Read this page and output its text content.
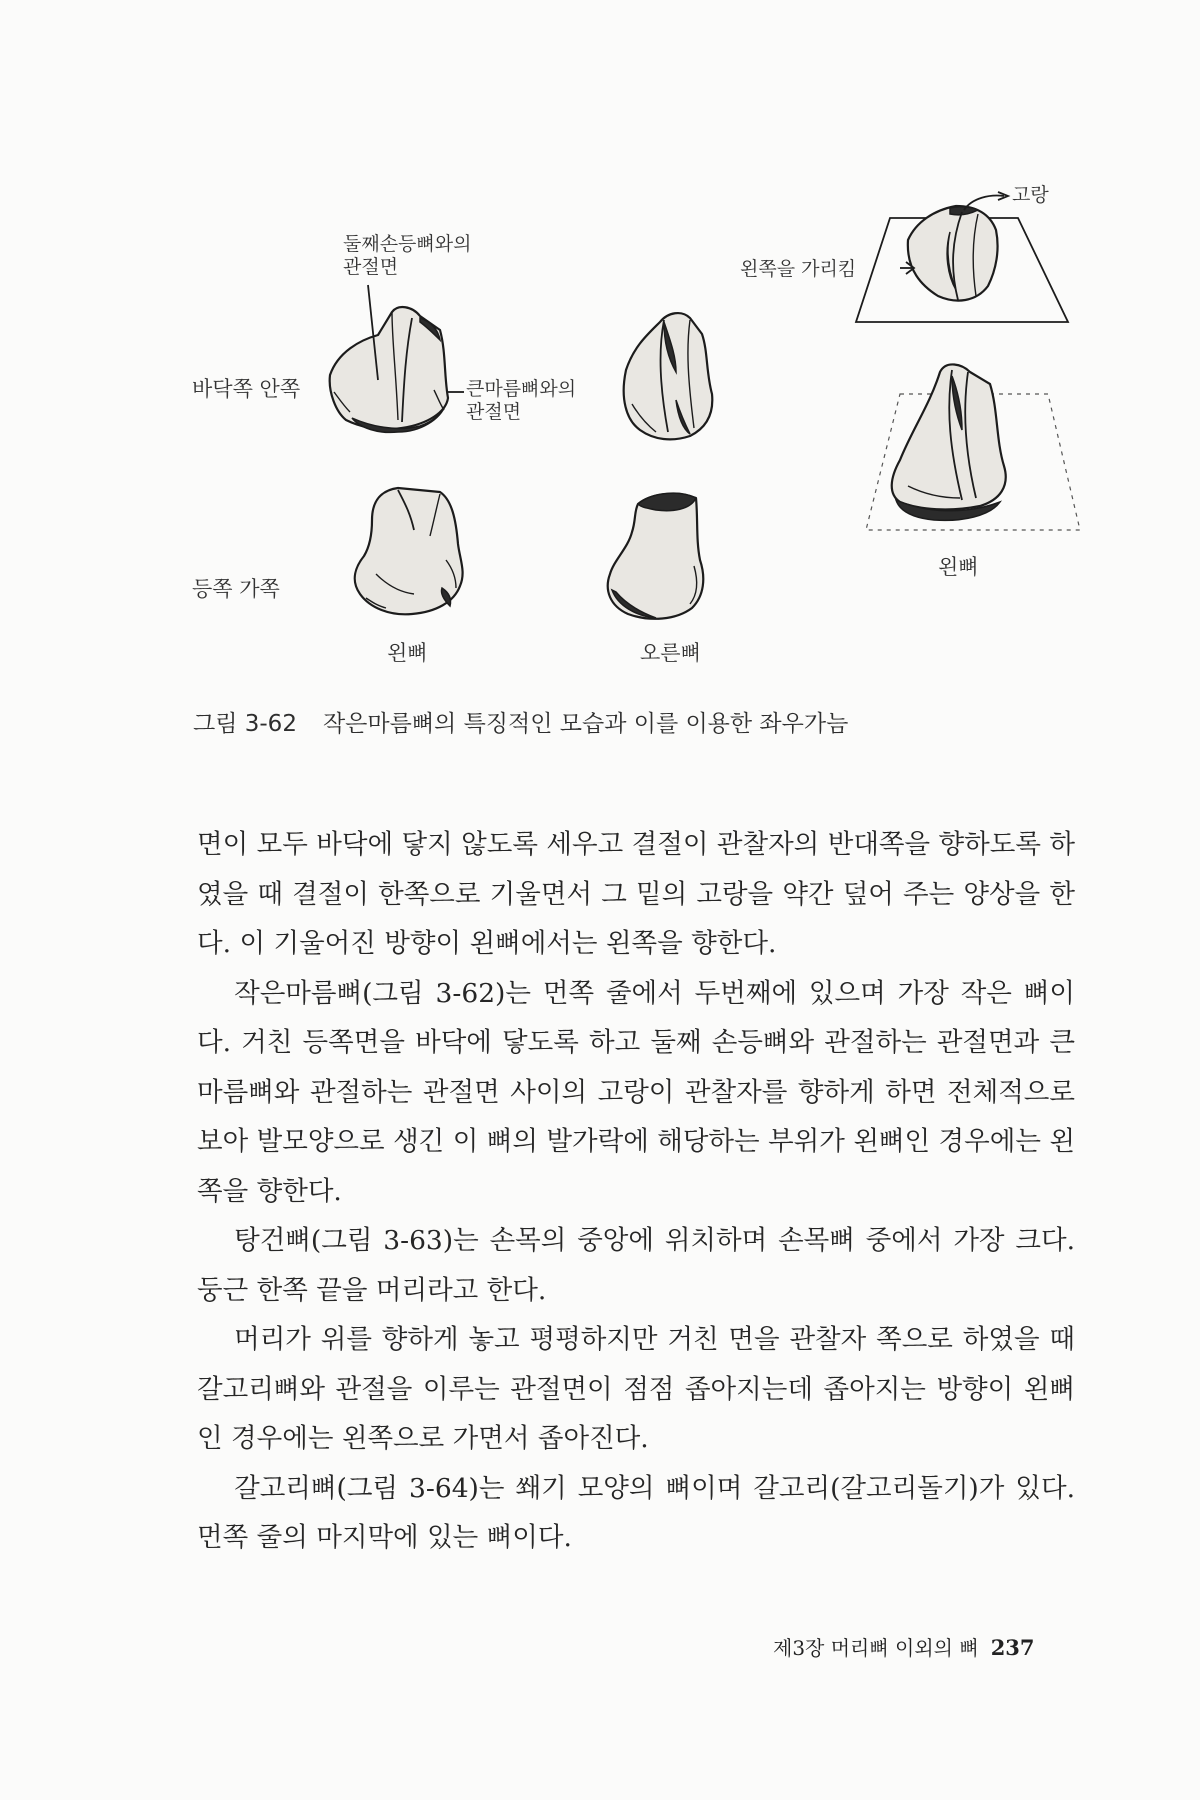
둘째손등뼈와의
관절면
바닥쪽 안쪽	큰마름뼈와의
관절면
등쪽 가쪽
왼뼈	오른뼈
고랑
왼쪽을 가리킴
왼뼈
그림 3-62 작은마름뼈의 특징적인 모습과 이를 이용한 좌우가늠

면이 모두 바닥에 닿지 않도록 세우고 결절이 관찰자의 반대쪽을 향하도록 하였을 때 결절이 한쪽으로 기울면서 그 밑의 고랑을 약간 덮어 주는 양상을 한다. 이 기울어진 방향이 왼뼈에서는 왼쪽을 향한다.

작은마름뼈(그림 3-62)는 먼쪽 줄에서 두번째에 있으며 가장 작은 뼈이다. 거친 등쪽면을 바닥에 닿도록 하고 둘째 손등뼈와 관절하는 관절면과 큰마름뼈와 관절하는 관절면 사이의 고랑이 관찰자를 향하게 하면 전체적으로 보아 발모양으로 생긴 이 뼈의 발가락에 해당하는 부위가 왼뼈인 경우에는 왼쪽을 향한다.

탕건뼈(그림 3-63)는 손목의 중앙에 위치하며 손목뼈 중에서 가장 크다. 둥근 한쪽 끝을 머리라고 한다.

머리가 위를 향하게 놓고 평평하지만 거친 면을 관찰자 쪽으로 하였을 때 갈고리뼈와 관절을 이루는 관절면이 점점 좁아지는데 좁아지는 방향이 왼뼈인 경우에는 왼쪽으로 가면서 좁아진다.

갈고리뼈(그림 3-64)는 쐐기 모양의 뼈이며 갈고리(갈고리돌기)가 있다. 먼쪽 줄의 마지막에 있는 뼈이다.

제3장 머리뼈 이외의 뼈 237
